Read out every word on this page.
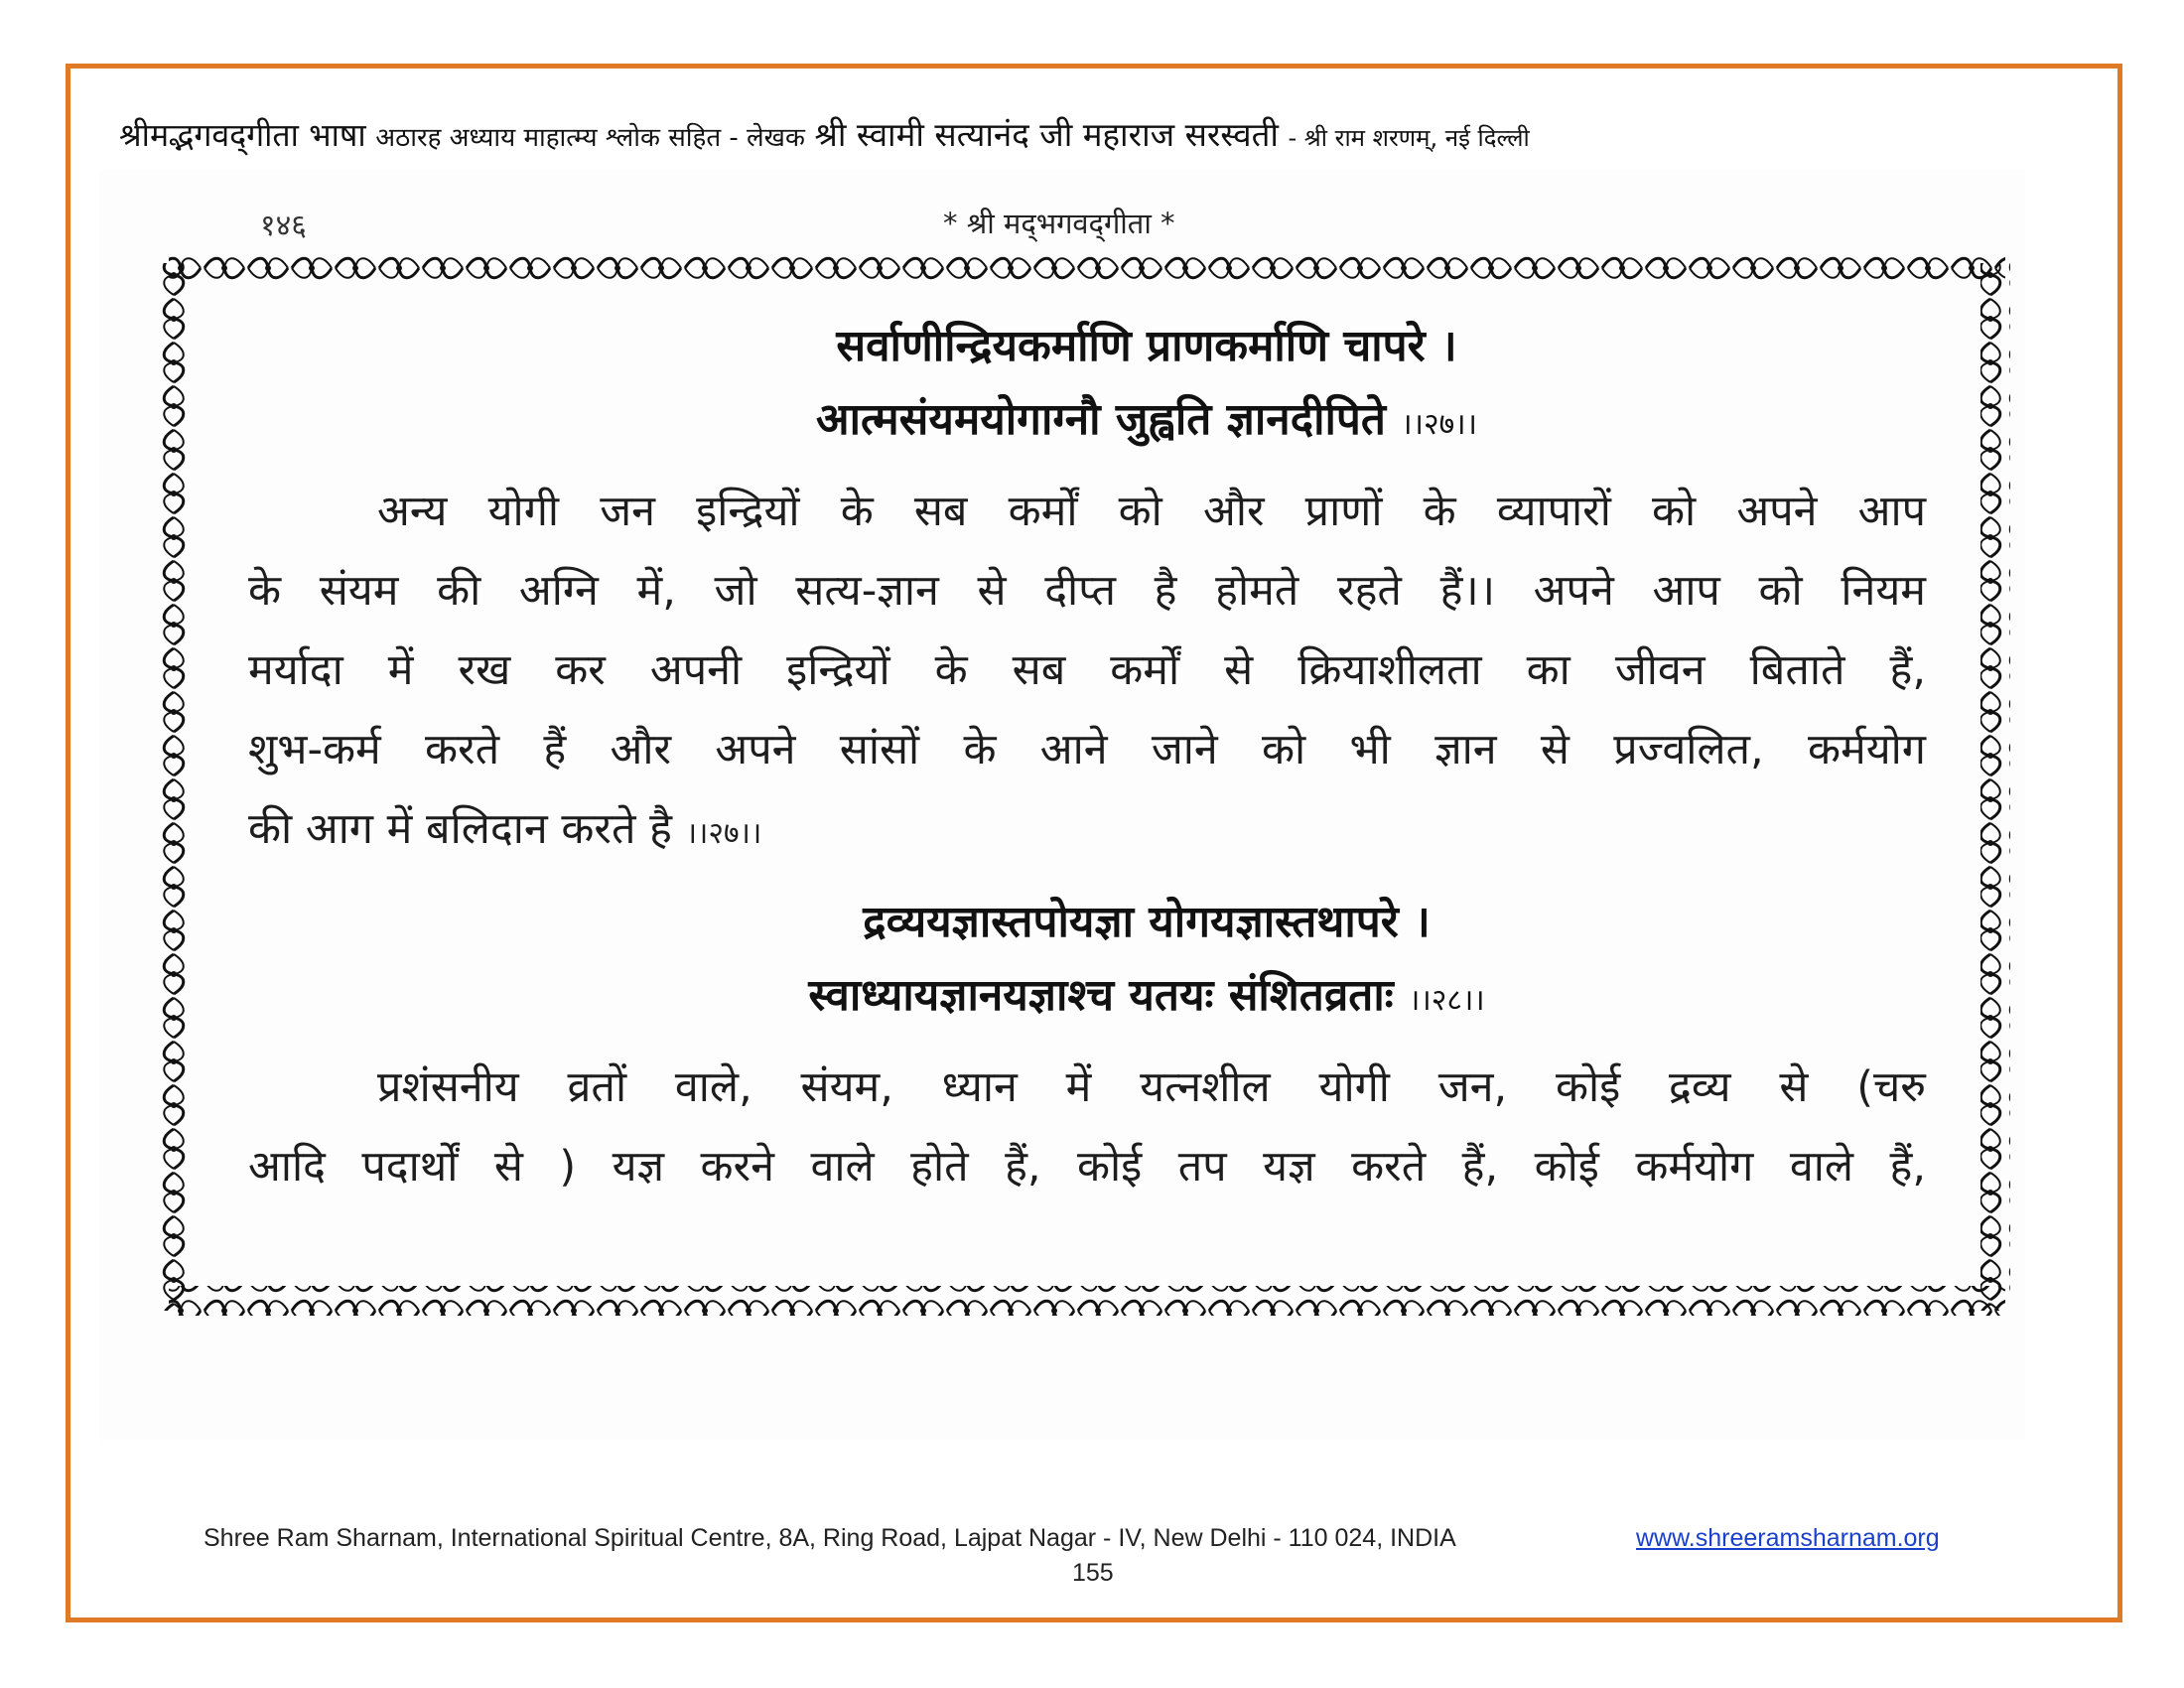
श्रीमद्भगवद्‌गीता भाषा अठारह अध्याय माहात्म्य श्लोक सहित - लेखक श्री स्वामी सत्यानंद जी महाराज सरस्वती - श्री राम शरणम्, नई दिल्ली
१४६	* श्री मद्‌भगवद्‌गीता *
सर्वाणीन्द्रियकर्माणि प्राणकर्माणि चापरे ।
आत्मसंयमयोगाग्नौ जुह्वति ज्ञानदीपिते ।।२७।।
अन्य योगी जन इन्द्रियों के सब कर्मों को और प्राणों के व्यापारों को अपने आप
के संयम की अग्नि में, जो सत्य-ज्ञान से दीप्त है होमते रहते हैं।। अपने आप को नियम
मर्यादा में रख कर अपनी इन्द्रियों के सब कर्मों से क्रियाशीलता का जीवन बिताते हैं,
शुभ-कर्म करते हैं और अपने सांसों के आने जाने को भी ज्ञान से प्रज्वलित, कर्मयोग
की आग में बलिदान करते है ।।२७।।
द्रव्ययज्ञास्तपोयज्ञा योगयज्ञास्तथापरे ।
स्वाध्यायज्ञानयज्ञाश्च यतयः संशितव्रताः ।।२८।।
प्रशंसनीय व्रतों वाले, संयम, ध्यान में यत्नशील योगी जन, कोई द्रव्य से (चरु
आदि पदार्थों से ) यज्ञ करने वाले होते हैं, कोई तप यज्ञ करते हैं, कोई कर्मयोग वाले हैं,
Shree Ram Sharnam, International Spiritual Centre, 8A, Ring Road, Lajpat Nagar - IV, New Delhi - 110 024, INDIA	www.shreeramsharnam.org
155
